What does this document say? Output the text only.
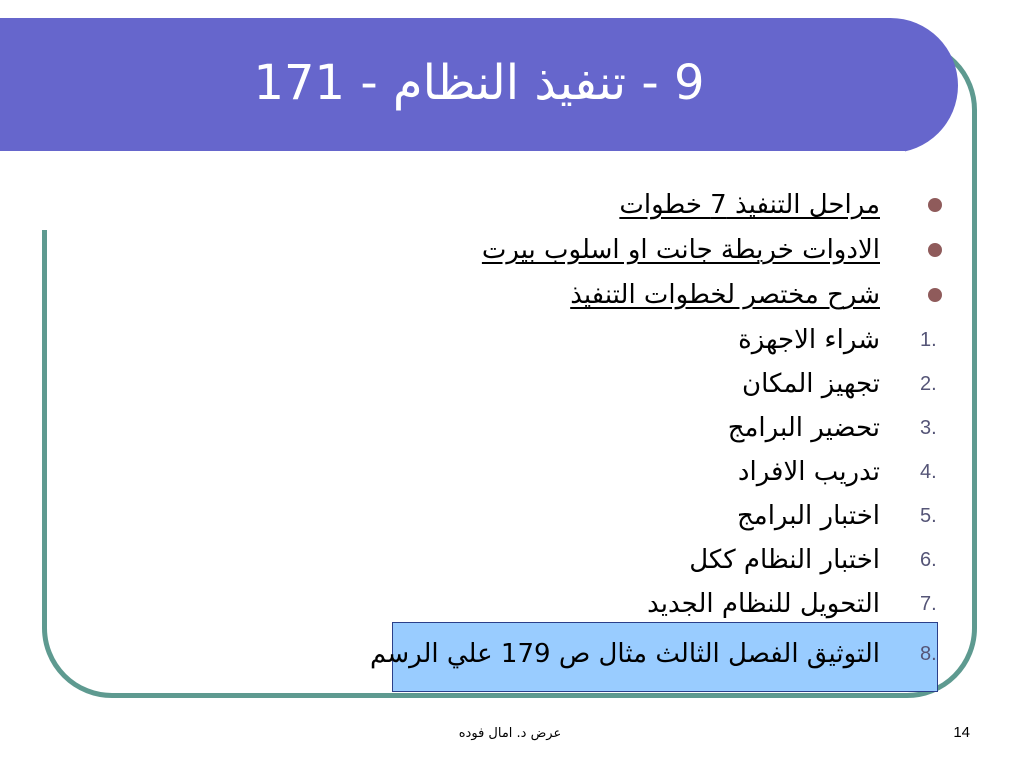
9 - تنفيذ النظام - 171
مراحل التنفيذ 7 خطوات
الادوات خريطة جانت او اسلوب بيرت
شرح مختصر لخطوات التنفيذ
1.
شراء الاجهزة
2.
تجهيز المكان
3.
تحضير البرامج
4.
تدريب الافراد
5.
اختبار البرامج
6.
اختبار النظام ككل
7.
التحويل للنظام الجديد
8.
التوثيق الفصل الثالث مثال ص 179 علي الرسم
عرض د. امال فوده	14
